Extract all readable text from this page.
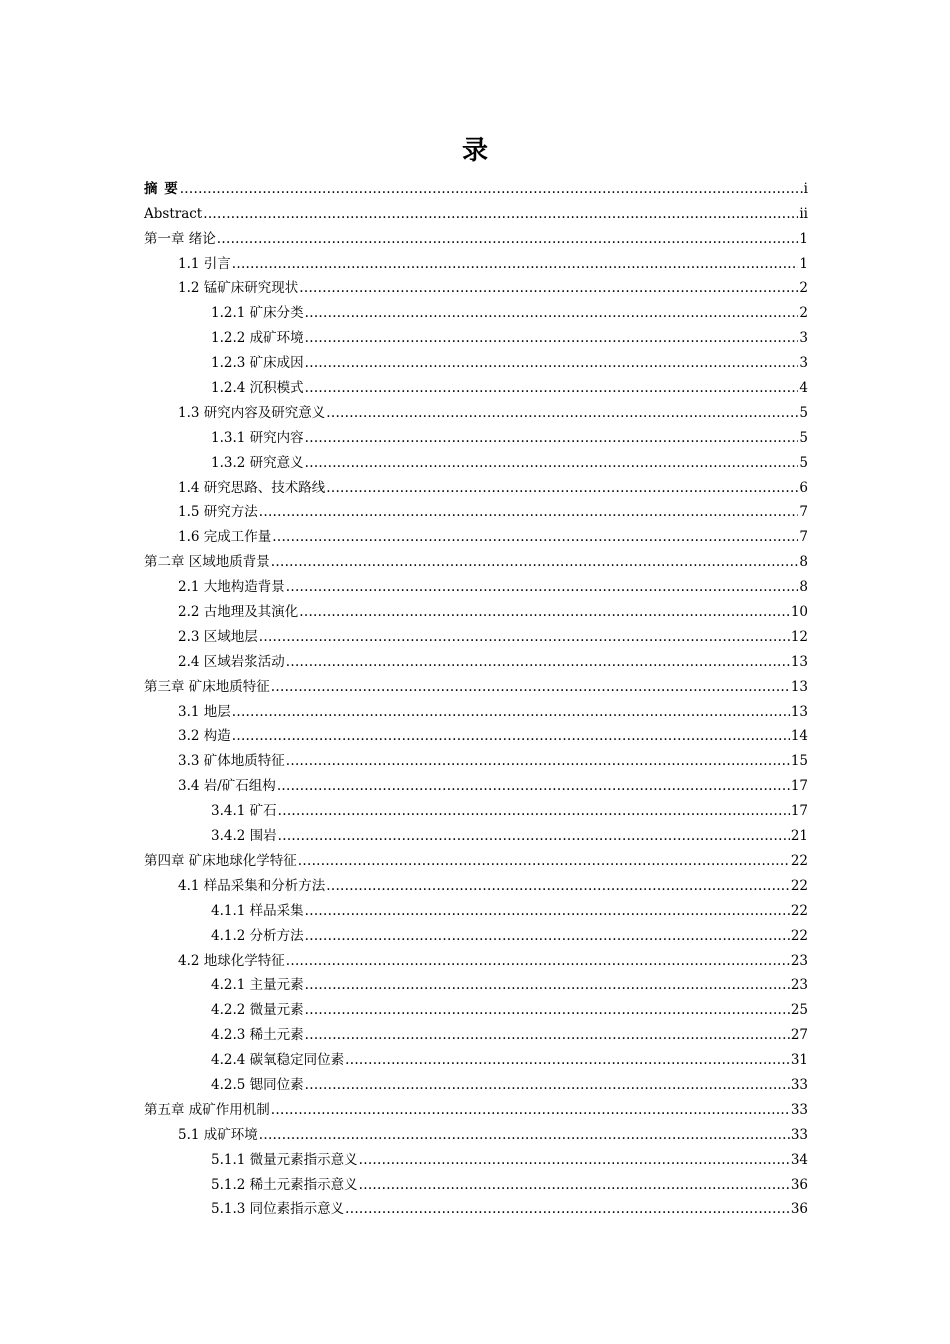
录
摘 要 .....	i
Abstract .....	ii
第一章 绪论 .....	1
1.1 引言 .....	1
1.2 锰矿床研究现状 .....	2
1.2.1 矿床分类 .....	2
1.2.2 成矿环境 .....	3
1.2.3 矿床成因 .....	3
1.2.4 沉积模式 .....	4
1.3 研究内容及研究意义 .....	5
1.3.1 研究内容 .....	5
1.3.2 研究意义 .....	5
1.4 研究思路、技术路线 .....	6
1.5 研究方法 .....	7
1.6 完成工作量 .....	7
第二章 区域地质背景 .....	8
2.1 大地构造背景 .....	8
2.2 古地理及其演化 .....	10
2.3 区域地层 .....	12
2.4 区域岩浆活动 .....	13
第三章 矿床地质特征 .....	13
3.1 地层 .....	13
3.2 构造 .....	14
3.3 矿体地质特征 .....	15
3.4 岩/矿石组构 .....	17
3.4.1 矿石 .....	17
3.4.2 围岩 .....	21
第四章 矿床地球化学特征 .....	22
4.1 样品采集和分析方法 .....	22
4.1.1 样品采集 .....	22
4.1.2 分析方法 .....	22
4.2 地球化学特征 .....	23
4.2.1 主量元素 .....	23
4.2.2 微量元素 .....	25
4.2.3 稀土元素 .....	27
4.2.4 碳氧稳定同位素 .....	31
4.2.5 锶同位素 .....	33
第五章 成矿作用机制 .....	33
5.1 成矿环境 .....	33
5.1.1 微量元素指示意义 .....	34
5.1.2 稀土元素指示意义 .....	36
5.1.3 同位素指示意义 .....	36
